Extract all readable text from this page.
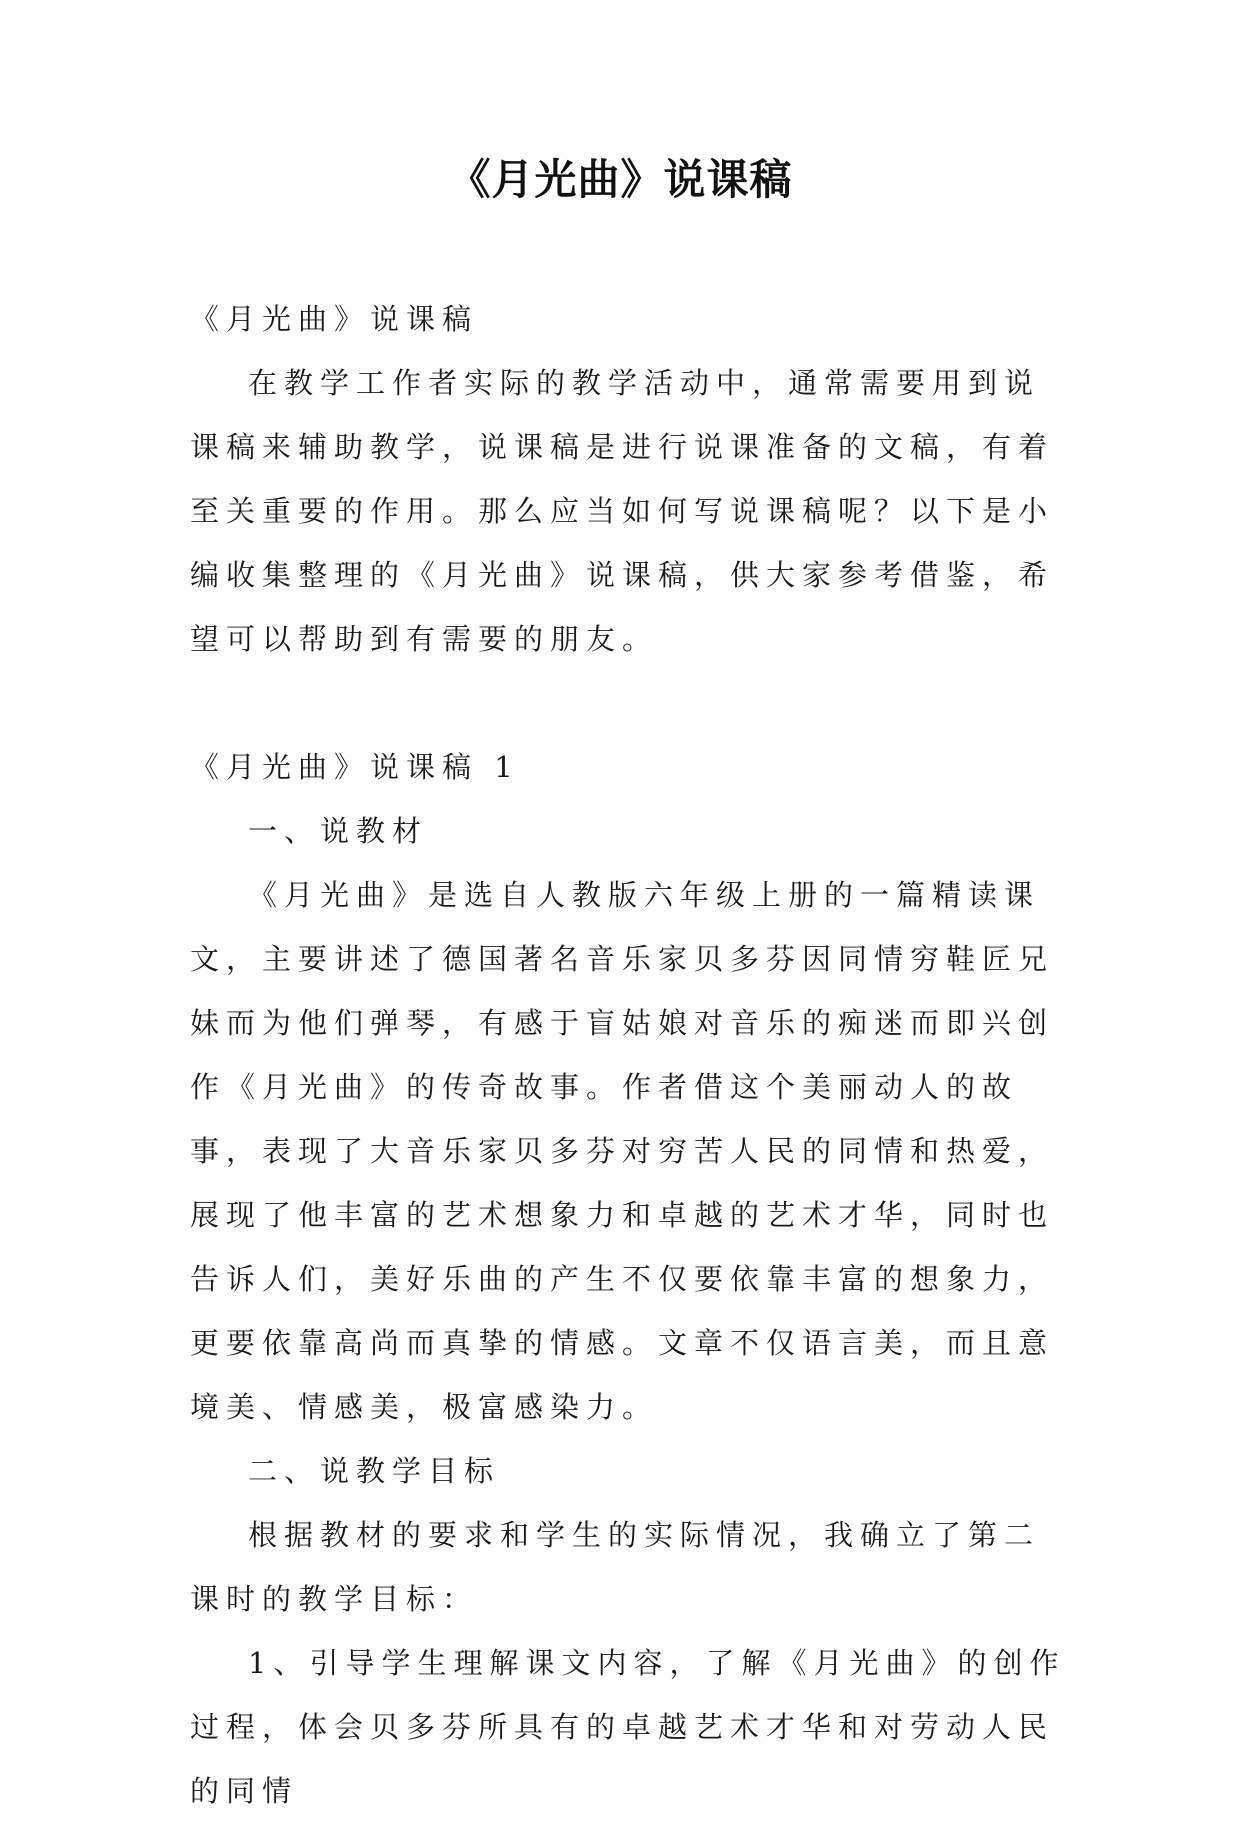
《月光曲》说课稿

《月光曲》说课稿

在教学工作者实际的教学活动中，通常需要用到说课稿来辅助教学，说课稿是进行说课准备的文稿，有着至关重要的作用。那么应当如何写说课稿呢？以下是小编收集整理的《月光曲》说课稿，供大家参考借鉴，希望可以帮助到有需要的朋友。

《月光曲》说课稿 1

一、说教材

《月光曲》是选自人教版六年级上册的一篇精读课文，主要讲述了德国著名音乐家贝多芬因同情穷鞋匠兄妹而为他们弹琴，有感于盲姑娘对音乐的痴迷而即兴创作《月光曲》的传奇故事。作者借这个美丽动人的故事，表现了大音乐家贝多芬对穷苦人民的同情和热爱，展现了他丰富的艺术想象力和卓越的艺术才华，同时也告诉人们，美好乐曲的产生不仅要依靠丰富的想象力，更要依靠高尚而真挚的情感。文章不仅语言美，而且意境美、情感美，极富感染力。

二、说教学目标

根据教材的要求和学生的实际情况，我确立了第二课时的教学目标：

1、引导学生理解课文内容，了解《月光曲》的创作过程，体会贝多芬所具有的卓越艺术才华和对劳动人民的同情
